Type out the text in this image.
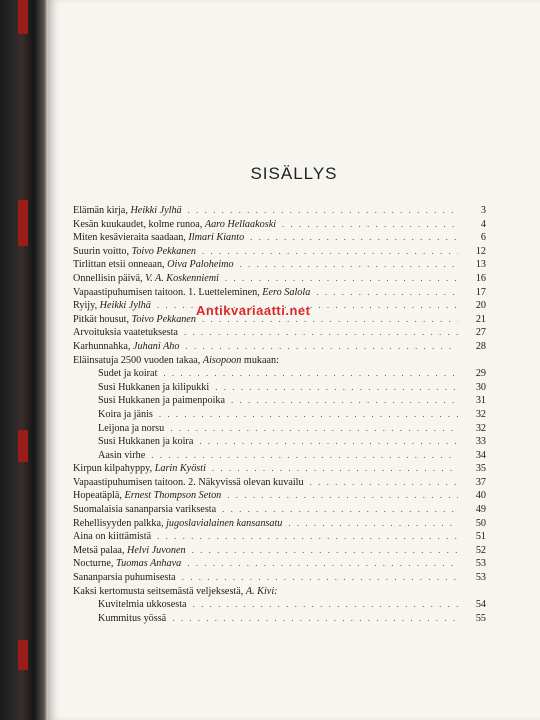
SISÄLLYS
Elämän kirja, Heikki Jylhä . . .	3
Kesän kuukaudet, kolme runoa, Aaro Hellaakoski . . .	4
Miten kesävieraita saadaan, Ilmari Kianto . . .	6
Suurin voitto, Toivo Pekkanen . . .	12
Tirlittan etsii onneaan, Oiva Paloheimo . . .	13
Onnellisin päivä, V. A. Koskenniemi . . .	16
Vapaastipuhumisen taitoon. 1. Luetteleminen, Eero Salola . . .	17
Ryijy, Heikki Jylhä . . .	20
Pitkät housut, Toivo Pekkanen . . .	21
Arvoituksia vaatetuksesta . . .	27
Karhunnahka, Juhani Aho . . .	28
Eläinsatuja 2500 vuoden takaa, Aisopoon mukaan:
Sudet ja koirat . . .	29
Susi Hukkanen ja kilipukki . . .	30
Susi Hukkanen ja paimenpoika . . .	31
Koira ja jänis . . .	32
Leijona ja norsu . . .	32
Susi Hukkanen ja koira . . .	33
Aasin virhe . . .	34
Kirpun kilpahyppy, Larin Kyösti . . .	35
Vapaastipuhumisen taitoon. 2. Näkyvissä olevan kuvailu . . .	37
Hopeatäplä, Ernest Thompson Seton . . .	40
Suomalaisia sananparsia variksesta . . .	49
Rehellisyyden palkka, jugoslavialainen kansansatu . . .	50
Aina on kiittämistä . . .	51
Metsä palaa, Helvi Juvonen . . .	52
Nocturne, Tuomas Anhava . . .	53
Sananparsia puhumisesta . . .	53
Kaksi kertomusta seitsemästä veljeksestä, A. Kivi:
Kuvitelmia ukkosesta . . .	54
Kummitus yössä . . .	55
Antikvariaatti.net
